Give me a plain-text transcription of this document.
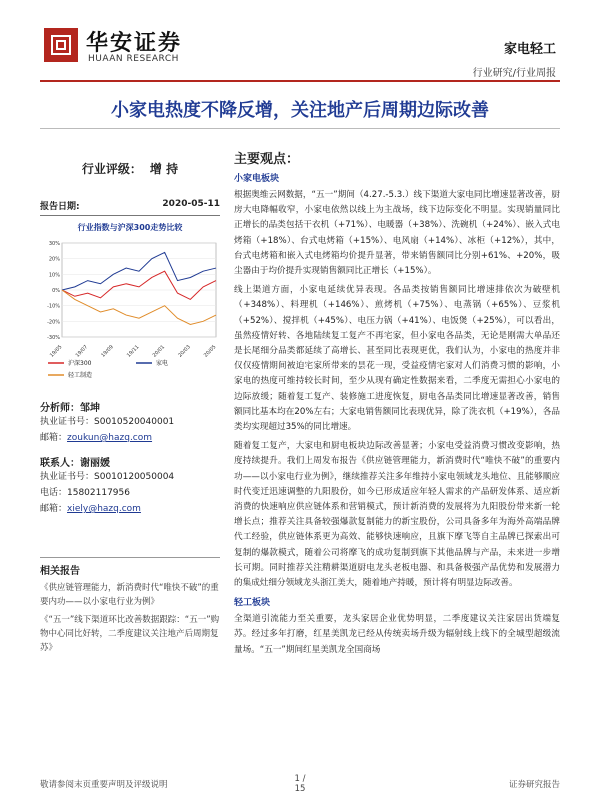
华安证券
HUAAN RESEARCH
家电轻工
行业研究/行业周报
小家电热度不降反增，关注地产后周期边际改善
行业评级： 增 持
报告日期:	2020-05-11
行业指数与沪深300走势比较
-30%
-20%
-10%
0%
10%
20%
30%
19/05 19/07 19/09 19/11 20/01 20/03 20/05
沪深300	家电
轻工制造
分析师：邹坤
执业证书号：S0010520040001
邮箱：zoukun@hazq.com
联系人：谢丽媛
执业证书号：S0010120050004
电话：15802117956
邮箱：xiely@hazq.com
相关报告
《供应链管理能力，新消费时代“唯快不破”的重要内功——以小家电行业为例》
《“五一”线下渠道环比改善数据跟踪：“五一”购物中心同比好转，二季度建议关注地产后周期复苏》
主要观点：
小家电板块
根据奥维云网数据，“五一”期间（4.27.-5.3.）线下渠道大家电同比增速显著改善，厨房大电降幅收窄，小家电依然以线上为主战场，线下边际变化不明显。实现销量同比正增长的品类包括干衣机（+71%）、电暖器（+38%）、洗碗机（+24%）、嵌入式电烤箱（+18%）、台式电烤箱（+15%）、电风扇（+14%）、冰柜（+12%），其中，台式电烤箱和嵌入式电烤箱均价提升显著，带来销售额同比分别+61%、+20%，吸尘器由于均价提升实现销售额同比正增长（+15%）。
线上渠道方面，小家电延续优异表现。各品类按销售额同比增速排依次为破壁机（+348%）、料理机（+146%）、煎烤机（+75%）、电蒸锅（+65%）、豆浆机（+52%）、搅拌机（+45%）、电压力锅（+41%）、电饭煲（+25%），可以看出，虽然疫情好转、各地陆续复工复产不再宅家，但小家电各品类，无论是刚需大单品还是长尾细分品类都延续了高增长、甚至同比表现更优，我们认为，小家电的热度并非仅仅疫情期间被迫宅家所带来的昙花一现，受益疫情宅家对人们消费习惯的影响，小家电的热度可维持较长时间，至少从现有确定性数据来看，二季度无需担心小家电的边际放缓；随着复工复产、装修施工进度恢复，厨电各品类同比增速显著改善，销售额同比基本均在20%左右；大家电销售额同比表现优异，除了洗衣机（+19%），各品类均实现超过35%的同比增速。
随着复工复产，大家电和厨电板块边际改善显著；小家电受益消费习惯改变影响，热度持续提升。我们上周发布报告《供应链管理能力，新消费时代“唯快不破”的重要内功——以小家电行业为例》，继续推荐关注多年维持小家电领域龙头地位、且能够顺应时代变迁迅速调整的九阳股份，如今已形成适应年轻人需求的产品研发体系、适应新消费的快速响应供应链体系和营销模式，预计新消费的发展将为九阳股份带来新一轮增长点；推荐关注具备较强爆款复制能力的新宝股份，公司具备多年为海外高端品牌代工经验，供应链体系更为高效、能够快速响应，且旗下摩飞等自主品牌已探索出可复制的爆款模式，随着公司将摩飞的成功复制到旗下其他品牌与产品，未来进一步增长可期。同时推荐关注精耕渠道厨电龙头老板电器、和具备极强产品优势和发展潜力的集成灶细分领域龙头浙江美大，随着地产持暖，预计将有明显边际改善。
轻工板块
全渠道引流能力至关重要，龙头家居企业优势明显，二季度建议关注家居出货端复苏。经过多年打磨，红星美凯龙已经从传统卖场升级为辐射线上线下的全城型超级流量场。“五一”期间红星美凯龙全国商场
敬请参阅末页重要声明及评级说明
1 / 15	证券研究报告
